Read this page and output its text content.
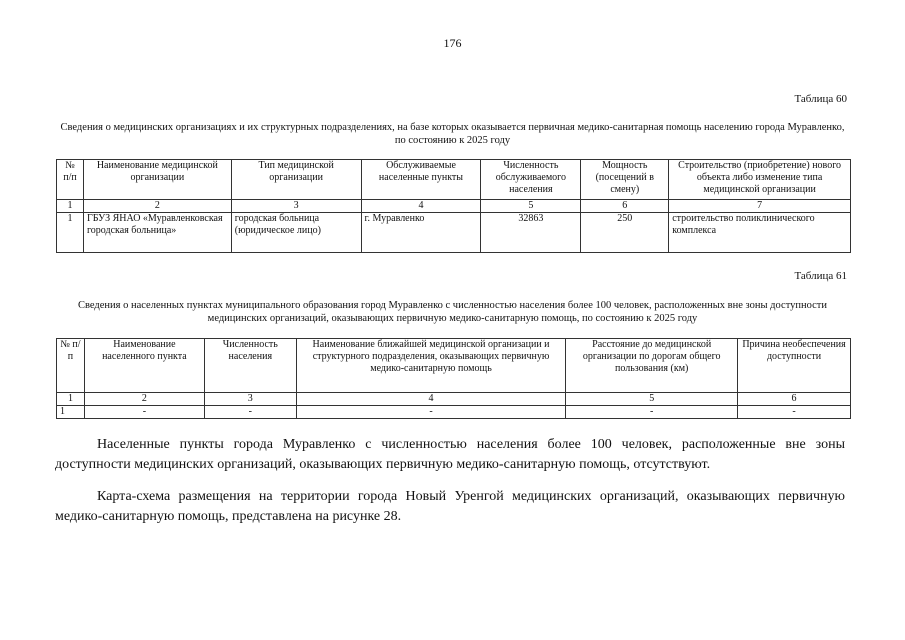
176
Таблица 60
Сведения о медицинских организациях и их структурных подразделениях, на базе которых оказывается первичная медико-санитарная помощь населению города Муравленко, по состоянию к 2025 году
№ п/п	Наименование медицинской организации	Тип медицинской организации	Обслуживаемые населенные пункты	Численность обслуживаемого населения	Мощность (посещений в смену)	Строительство (приобретение) нового объекта либо изменение типа медицинской организации
1	2	3	4	5	6	7
1	ГБУЗ ЯНАО «Муравленковская городская больница»	городская больница (юридическое лицо)	г. Муравленко	32863	250	строительство поликлинического комплекса
Таблица 61
Сведения о населенных пунктах муниципального образования город Муравленко с численностью населения более 100 человек, расположенных вне зоны доступности медицинских организаций, оказывающих первичную медико-санитарную помощь, по состоянию к 2025 году
№ п/п	Наименование населенного пункта	Численность населения	Наименование ближайшей медицинской организации и структурного подразделения, оказывающих первичную медико-санитарную помощь	Расстояние до медицинской организации по дорогам общего пользования (км)	Причина необеспечения доступности
1	2	3	4	5	6
1	-	-	-	-	-
Населенные пункты города Муравленко с численностью населения более 100 человек, расположенные вне зоны доступности медицинских организаций, оказывающих первичную медико-санитарную помощь, отсутствуют.
Карта-схема размещения на территории города Новый Уренгой медицинских организаций, оказывающих первичную медико-санитарную помощь, представлена на рисунке 28.
